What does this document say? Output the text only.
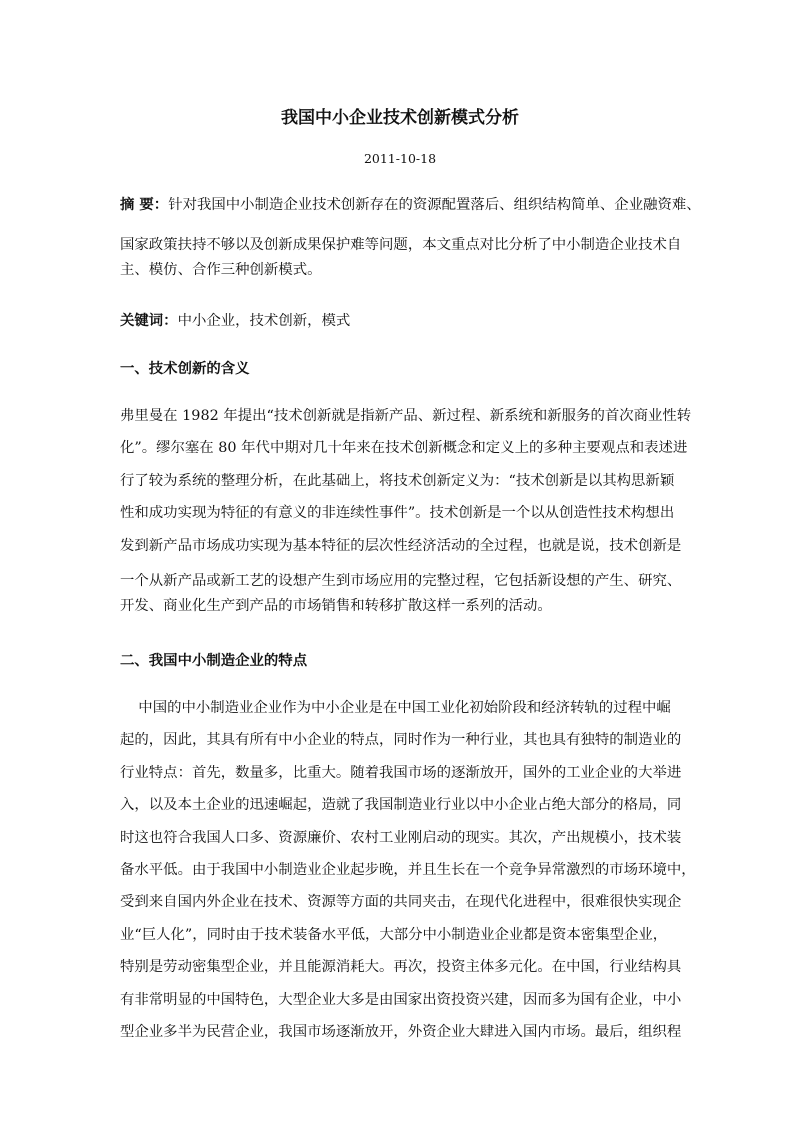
我国中小企业技术创新模式分析
2011-10-18

摘 要：针对我国中小制造企业技术创新存在的资源配置落后、组织结构简单、企业融资难、

国家政策扶持不够以及创新成果保护难等问题，本文重点对比分析了中小制造企业技术自

主、模仿、合作三种创新模式。

关键词：中小企业，技术创新，模式

一、技术创新的含义

弗里曼在 1982 年提出“技术创新就是指新产品、新过程、新系统和新服务的首次商业性转

化”。缪尔塞在 80 年代中期对几十年来在技术创新概念和定义上的多种主要观点和表述进

行了较为系统的整理分析，在此基础上，将技术创新定义为：“技术创新是以其构思新颖

性和成功实现为特征的有意义的非连续性事件”。技术创新是一个以从创造性技术构想出

发到新产品市场成功实现为基本特征的层次性经济活动的全过程，也就是说，技术创新是

一个从新产品或新工艺的设想产生到市场应用的完整过程，它包括新设想的产生、研究、

开发、商业化生产到产品的市场销售和转移扩散这样一系列的活动。

二、我国中小制造企业的特点

中国的中小制造业企业作为中小企业是在中国工业化初始阶段和经济转轨的过程中崛

起的，因此，其具有所有中小企业的特点，同时作为一种行业，其也具有独特的制造业的

行业特点：首先，数量多，比重大。随着我国市场的逐渐放开，国外的工业企业的大举进

入，以及本土企业的迅速崛起，造就了我国制造业行业以中小企业占绝大部分的格局，同

时这也符合我国人口多、资源廉价、农村工业刚启动的现实。其次，产出规模小，技术装

备水平低。由于我国中小制造业企业起步晚，并且生长在一个竞争异常激烈的市场环境中，

受到来自国内外企业在技术、资源等方面的共同夹击，在现代化进程中，很难很快实现企

业“巨人化”，同时由于技术装备水平低，大部分中小制造业企业都是资本密集型企业，

特别是劳动密集型企业，并且能源消耗大。再次，投资主体多元化。在中国，行业结构具

有非常明显的中国特色，大型企业大多是由国家出资投资兴建，因而多为国有企业，中小

型企业多半为民营企业，我国市场逐渐放开，外资企业大肆进入国内市场。最后，组织程
